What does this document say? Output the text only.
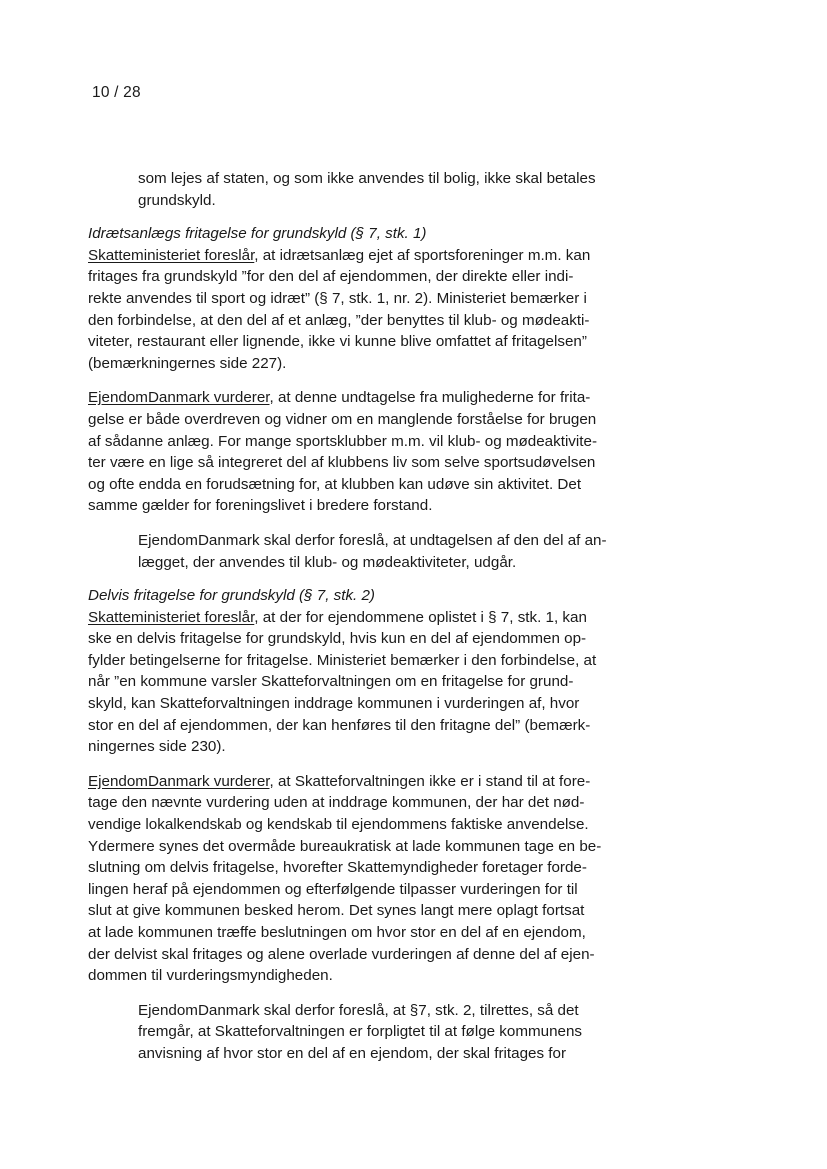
10 / 28

som lejes af staten, og som ikke anvendes til bolig, ikke skal betales
grundskyld.

Idrætsanlægs fritagelse for grundskyld (§ 7, stk. 1)

Skatteministeriet foreslår, at idrætsanlæg ejet af sportsforeninger m.m. kan
fritages fra grundskyld ”for den del af ejendommen, der direkte eller indi-
rekte anvendes til sport og idræt” (§ 7, stk. 1, nr. 2). Ministeriet bemærker i
den forbindelse, at den del af et anlæg, ”der benyttes til klub- og mødeakti-
viteter, restaurant eller lignende, ikke vi kunne blive omfattet af fritagelsen”
(bemærkningernes side 227).

EjendomDanmark vurderer, at denne undtagelse fra mulighederne for frita-
gelse er både overdreven og vidner om en manglende forståelse for brugen
af sådanne anlæg. For mange sportsklubber m.m. vil klub- og mødeaktivite-
ter være en lige så integreret del af klubbens liv som selve sportsudøvelsen
og ofte endda en forudsætning for, at klubben kan udøve sin aktivitet. Det
samme gælder for foreningslivet i bredere forstand.

EjendomDanmark skal derfor foreslå, at undtagelsen af den del af an-
lægget, der anvendes til klub- og mødeaktiviteter, udgår.

Delvis fritagelse for grundskyld (§ 7, stk. 2)

Skatteministeriet foreslår, at der for ejendommene oplistet i § 7, stk. 1, kan
ske en delvis fritagelse for grundskyld, hvis kun en del af ejendommen op-
fylder betingelserne for fritagelse. Ministeriet bemærker i den forbindelse, at
når ”en kommune varsler Skatteforvaltningen om en fritagelse for grund-
skyld, kan Skatteforvaltningen inddrage kommunen i vurderingen af, hvor
stor en del af ejendommen, der kan henføres til den fritagne del” (bemærk-
ningernes side 230).

EjendomDanmark vurderer, at Skatteforvaltningen ikke er i stand til at fore-
tage den nævnte vurdering uden at inddrage kommunen, der har det nød-
vendige lokalkendskab og kendskab til ejendommens faktiske anvendelse.
Ydermere synes det overmåde bureaukratisk at lade kommunen tage en be-
slutning om delvis fritagelse, hvorefter Skattemyndigheder foretager forde-
lingen heraf på ejendommen og efterfølgende tilpasser vurderingen for til
slut at give kommunen besked herom. Det synes langt mere oplagt fortsat
at lade kommunen træffe beslutningen om hvor stor en del af en ejendom,
der delvist skal fritages og alene overlade vurderingen af denne del af ejen-
dommen til vurderingsmyndigheden.

EjendomDanmark skal derfor foreslå, at §7, stk. 2, tilrettes, så det
fremgår, at Skatteforvaltningen er forpligtet til at følge kommunens
anvisning af hvor stor en del af en ejendom, der skal fritages for
